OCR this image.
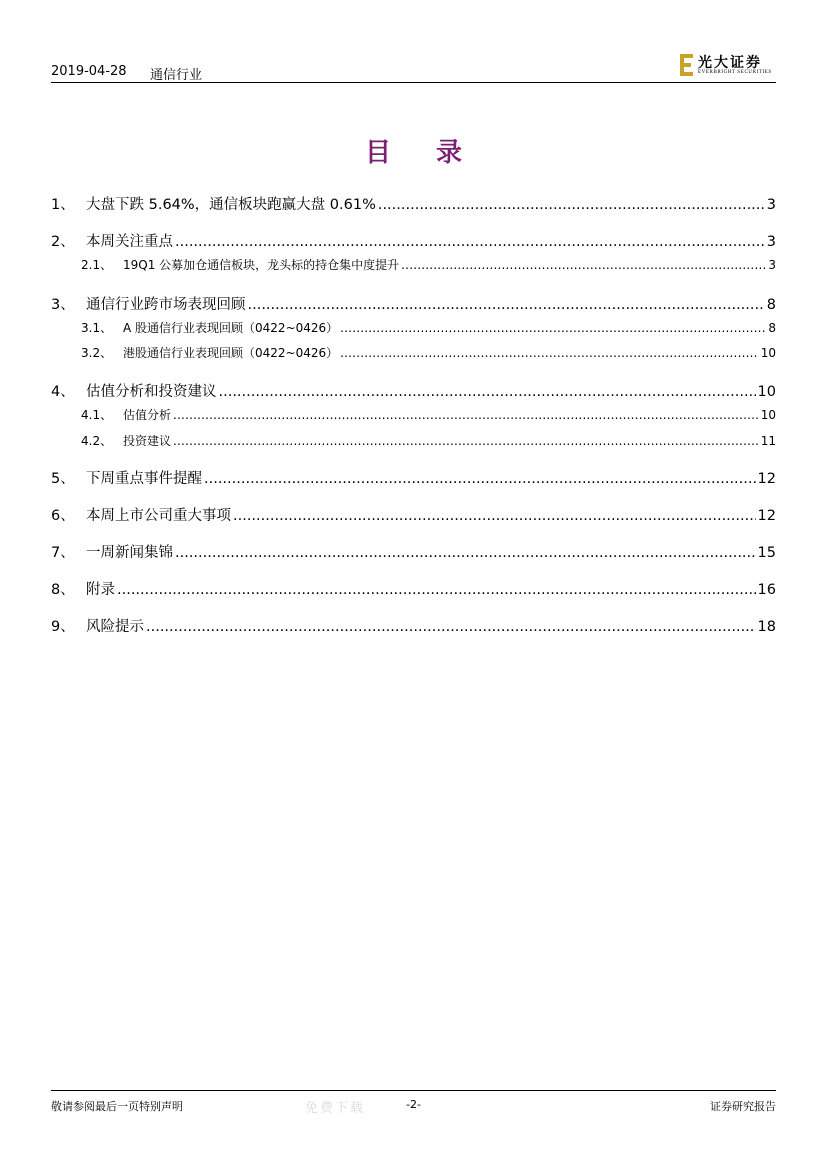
2019-04-28 通信行业
光大证券
EVERBRIGHT SECURITIES
目 录
1、 大盘下跌 5.64%，通信板块跑赢大盘 0.61% .....	3
2、 本周关注重点 .....	3
2.1、 19Q1 公募加仓通信板块，龙头标的持仓集中度提升 .....	3
3、 通信行业跨市场表现回顾 .....	8
3.1、 A 股通信行业表现回顾（0422~0426） .....	8
3.2、 港股通信行业表现回顾（0422~0426） .....	10
4、 估值分析和投资建议 .....	10
4.1、 估值分析 .....	10
4.2、 投资建议 .....	11
5、 下周重点事件提醒 .....	12
6、 本周上市公司重大事项 .....	12
7、 一周新闻集锦 .....	15
8、 附录 .....	16
9、 风险提示 .....	18
免费下载
敬请参阅最后一页特别声明	-2-	证券研究报告
